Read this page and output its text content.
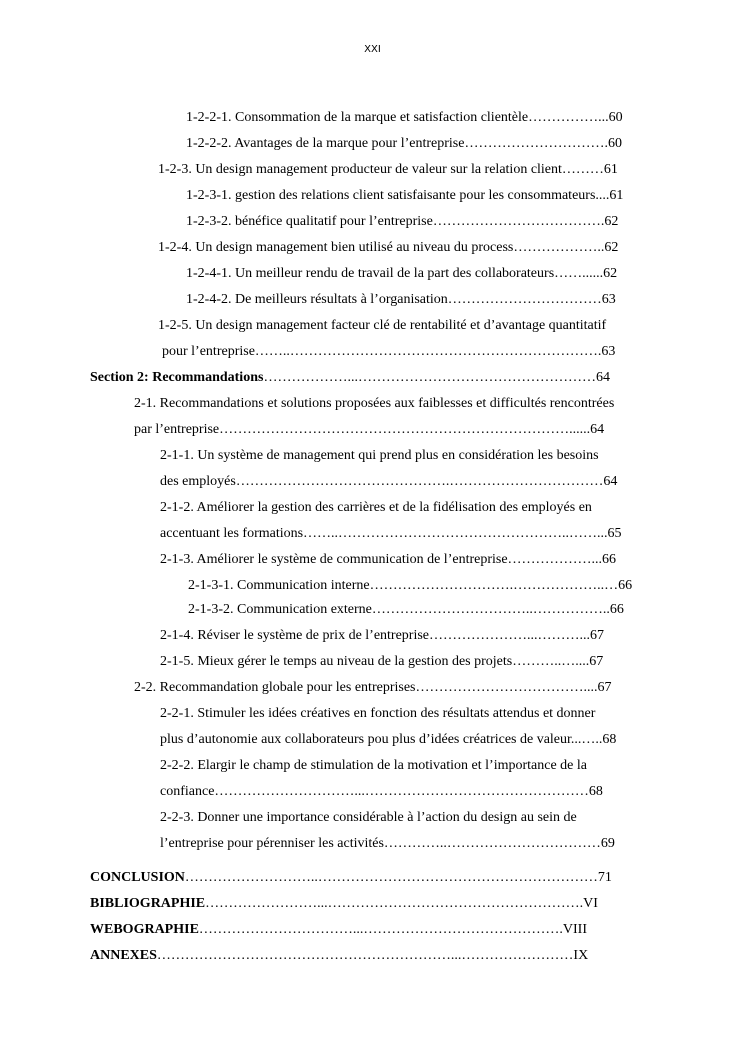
XXI
1-2-2-1. Consommation de la marque et satisfaction clientèle……………...60
1-2-2-2. Avantages de la marque pour l’entreprise………………………….60
1-2-3. Un design management producteur de valeur sur la relation client………61
1-2-3-1. gestion des relations client satisfaisante pour les consommateurs....61
1-2-3-2. bénéfice qualitatif pour l’entreprise……………………………….62
1-2-4. Un design management bien utilisé au niveau du process………………..62
1-2-4-1. Un meilleur rendu de travail de la part des collaborateurs……......62
1-2-4-2. De meilleurs résultats à l’organisation……………………………63
1-2-5. Un design management facteur clé de rentabilité et d’avantage quantitatif
pour l’entreprise……..………………………………………………………….63
Section 2: Recommandations………………...……………………………………………64
2-1. Recommandations et solutions proposées aux faiblesses et difficultés rencontrées
par l’entreprise…………………………………………………………………......64
2-1-1. Un système de management qui prend plus en considération les besoins
des employés……………………………………….……………………………64
2-1-2. Améliorer la gestion des carrières et de la fidélisation des employés en
accentuant les formations……..…………………………………………..……...65
2-1-3. Améliorer le système de communication de l’entreprise………………...66
2-1-3-1. Communication interne………………………….………………..…66
2-1-3-2. Communication externe……………………………..……………..66
2-1-4. Réviser le système de prix de l’entreprise…………………...………...67
2-1-5. Mieux gérer le temps au niveau de la gestion des projets………..…....67
2-2. Recommandation globale pour les entreprises………………………………....67
2-2-1. Stimuler les idées créatives en fonction des résultats attendus et donner
plus d’autonomie aux collaborateurs pou plus d’idées créatrices de valeur...…..68
2-2-2. Elargir le champ de stimulation de la motivation et l’importance de la
confiance…………………………...…………………………………………68
2-2-3. Donner une importance considérable à l’action du design au sein de
l’entreprise pour pérenniser les activités…………..……………………………69
CONCLUSION………………………..……………………………………………………71
BIBLIOGRAPHIE……………………...……………………………………………….VI
WEBOGRAPHIE……………………………...…………………………………….VIII
ANNEXES………………………………………………………...……………………IX
